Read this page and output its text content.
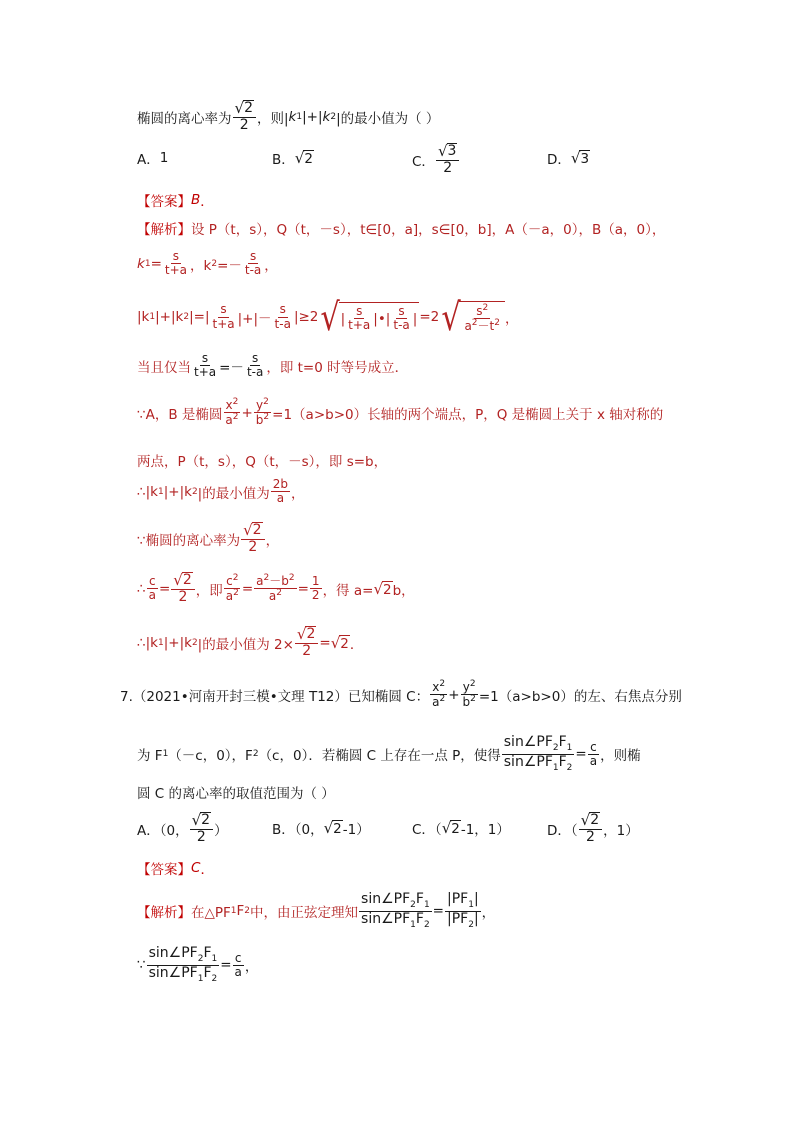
椭圆的离心率为 $\frac{√ 2}{2}$ ，则| k 1 |+| k 2 |的最小值为（ ）
A． 1	B． √ 2	C． $\frac{√ 3}{2}$	D． √ 3
【答案】 B ．
【解析】 设 P（t，s），Q（t，－s），t∈[0，a]，s∈[0，b]，A（－a，0），B（a，0），
k $1 = \frac{s}{t+a}$ ，k $2 =- \frac{s}{t-a}$ ，
|k 1 |+|k 2 |=| $\frac{s}{t+a}$ |+|－ $\frac{s}{t-a} |\ge 2$ √ | $\frac{s}{t+a}$ |•| $\frac{s}{t-a}$ | =2 √ $\frac{s^2}{a^2-t^2}$ ，
当且仅当 $\frac{s}{t+a} =- \frac{s}{t-a}$ ，即 t=0 时等号成立．
∵A，B 是椭圆 $\frac{x^2}{a^2} + \frac{y^2}{b^2} =1(a>b>0)$长轴的两个端点，P，Q 是椭圆上关于 x 轴对称的
两点，P（t，s），Q（t，－s），即 s=b，
∴|k 1 |+|k 2 |的最小值为 $\frac{2b}{a}$ ，
∵椭圆的离心率为 $\frac{√ 2}{2}$ ，
∴ $\frac{c}{a} = \frac{√ 2}{2}$ ，即 $\frac{c^2}{a^2} = \frac{a^2-b^2}{a^2} = \frac{1}{2}$ ，得 a= √ 2 b，
∴|k 1 |+|k 2 |的最小值为 $2\times \frac{√ 2}{2}$ = √ 2 ．
7.（2021•河南开封三模•文理 T12）已知椭圆 C： $\frac{x^2}{a^2} + \frac{y^2}{b^2} =1(a>b>0)$的左、右焦点分别
为 F 1 （－c，0），F 2 （c，0）．若椭圆 C 上存在一点 P，使得 $\frac{\sin\angle PF_2F_1}{\sin\angle PF_1F_2} = \frac{c}{a}$ ，则椭
圆 C 的离心率的取值范围为（ ）
A．（0， $\frac{√ 2}{2}$ ）	B．（0， √ 2 -1）	C．（ √ 2 -1，1）	D．（ $\frac{√ 2}{2}$ ，1）
【答案】 C ．
【解析】 在△PF 1 F 2 中，由正弦定理知 $\frac{\sin\angle PF_2F_1}{\sin\angle PF_1F_2} = \frac{|PF_1|}{|PF_2|}$ ，
∵ $\frac{\sin\angle PF_2F_1}{\sin\angle PF_1F_2} = \frac{c}{a}$ ，
